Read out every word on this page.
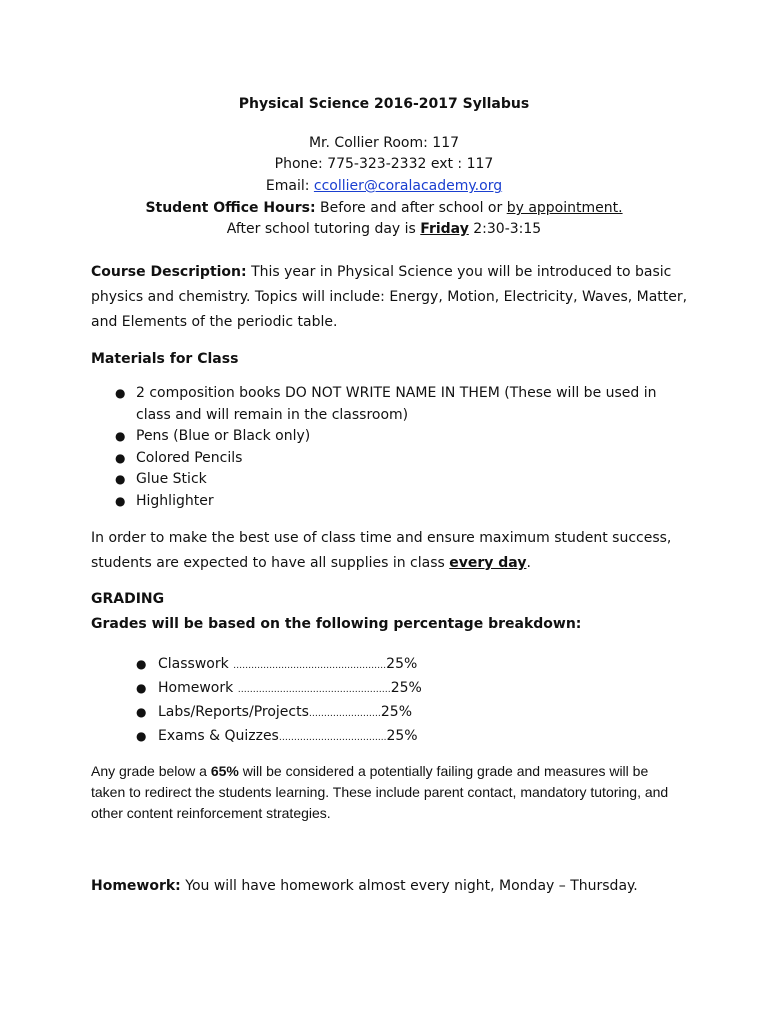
Physical Science 2016-2017 Syllabus
Mr. Collier Room: 117
Phone: 775-323-2332 ext : 117
Email: ccollier@coralacademy.org
Student Office Hours: Before and after school or by appointment.
After school tutoring day is Friday 2:30-3:15
Course Description: This year in Physical Science you will be introduced to basic physics and chemistry. Topics will include: Energy, Motion, Electricity, Waves, Matter, and Elements of the periodic table.
Materials for Class
● 2 composition books DO NOT WRITE NAME IN THEM (These will be used in class and will remain in the classroom)
● Pens (Blue or Black only)
● Colored Pencils
● Glue Stick
● Highlighter
In order to make the best use of class time and ensure maximum student success, students are expected to have all supplies in class every day.
GRADING
Grades will be based on the following percentage breakdown:
● Classwork ……………………………………………25%
● Homework ……………………………………………25%
● Labs/Reports/Projects……………………25%
● Exams & Quizzes……………………………...25%
Any grade below a 65% will be considered a potentially failing grade and measures will be taken to redirect the students learning. These include parent contact, mandatory tutoring, and other content reinforcement strategies.
Homework: You will have homework almost every night, Monday – Thursday.
